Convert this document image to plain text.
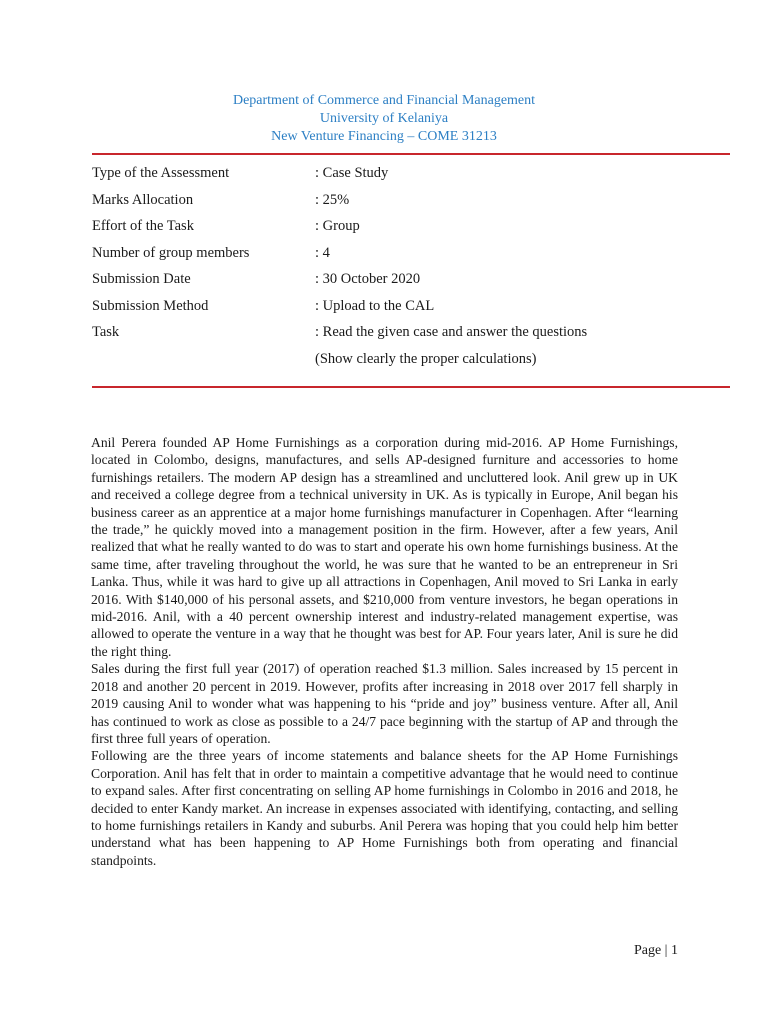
Department of Commerce and Financial Management
University of Kelaniya
New Venture Financing – COME 31213
Type of the Assessment	: Case Study
Marks Allocation	: 25%
Effort of the Task	: Group
Number of group members	: 4
Submission Date	: 30 October 2020
Submission Method	: Upload to the CAL
Task	: Read the given case and answer the questions
(Show clearly the proper calculations)

Anil Perera founded AP Home Furnishings as a corporation during mid-2016. AP Home Furnishings, located in Colombo, designs, manufactures, and sells AP-designed furniture and accessories to home furnishings retailers. The modern AP design has a streamlined and uncluttered look. Anil grew up in UK and received a college degree from a technical university in UK. As is typically in Europe, Anil began his business career as an apprentice at a major home furnishings manufacturer in Copenhagen. After “learning the trade,” he quickly moved into a management position in the firm. However, after a few years, Anil realized that what he really wanted to do was to start and operate his own home furnishings business. At the same time, after traveling throughout the world, he was sure that he wanted to be an entrepreneur in Sri Lanka. Thus, while it was hard to give up all attractions in Copenhagen, Anil moved to Sri Lanka in early 2016. With $140,000 of his personal assets, and $210,000 from venture investors, he began operations in mid-2016. Anil, with a 40 percent ownership interest and industry-related management expertise, was allowed to operate the venture in a way that he thought was best for AP. Four years later, Anil is sure he did the right thing.

Sales during the first full year (2017) of operation reached $1.3 million. Sales increased by 15 percent in 2018 and another 20 percent in 2019. However, profits after increasing in 2018 over 2017 fell sharply in 2019 causing Anil to wonder what was happening to his “pride and joy” business venture. After all, Anil has continued to work as close as possible to a 24/7 pace beginning with the startup of AP and through the first three full years of operation.

Following are the three years of income statements and balance sheets for the AP Home Furnishings Corporation. Anil has felt that in order to maintain a competitive advantage that he would need to continue to expand sales. After first concentrating on selling AP home furnishings in Colombo in 2016 and 2018, he decided to enter Kandy market. An increase in expenses associated with identifying, contacting, and selling to home furnishings retailers in Kandy and suburbs. Anil Perera was hoping that you could help him better understand what has been happening to AP Home Furnishings both from operating and financial standpoints.

Page | 1
